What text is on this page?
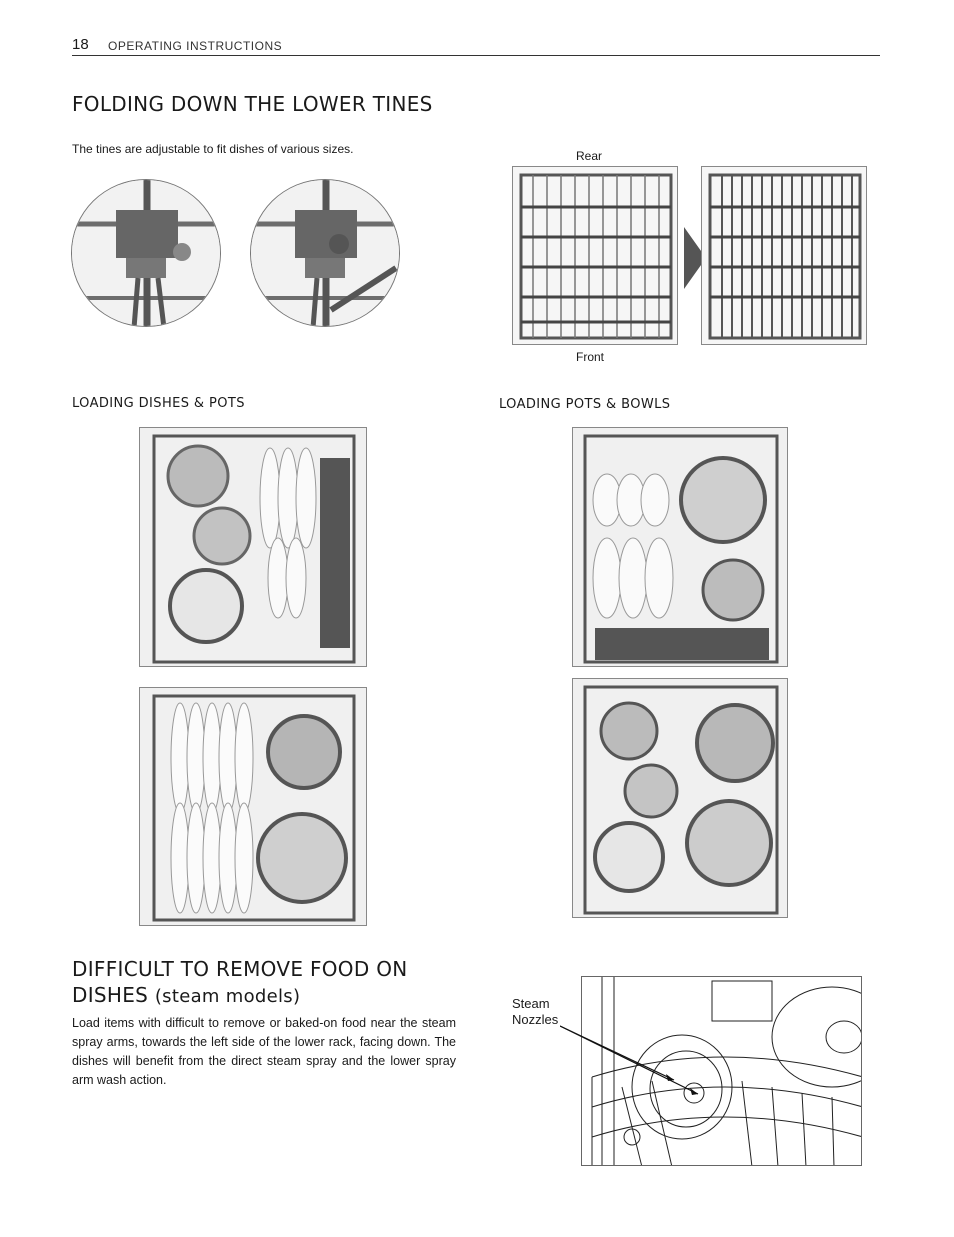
18 OPERATING INSTRUCTIONS
FOLDING DOWN THE LOWER TINES
The tines are adjustable to fit dishes of various sizes.	Rear
Front
LOADING DISHES & POTS	LOADING POTS & BOWLS
DIFFICULT TO REMOVE FOOD ON
DISHES (steam models)
Load items with difficult to remove or baked-on food near the steam spray arms, towards the left side of the lower rack, facing down. The dishes will benefit from the direct steam spray and the lower spray arm wash action.
Steam
Nozzles
